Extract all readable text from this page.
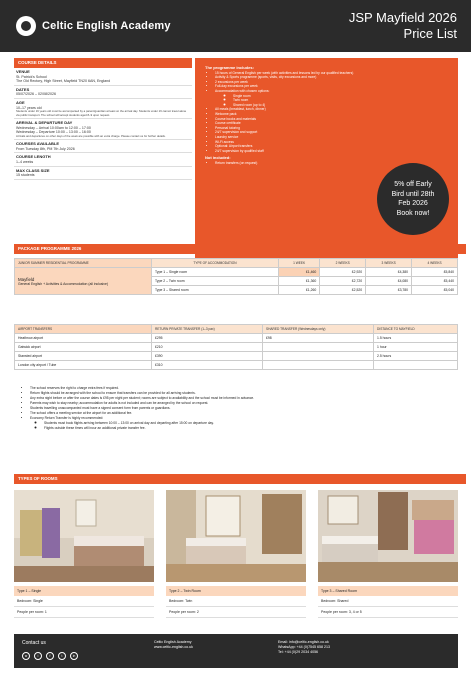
Celtic English Academy
JSP Mayfield 2026
Price List
COURSE DETAILS
VENUE
St. Patrick's School
The Old Rectory, High Street, Mayfield TN20 6AN, England
DATES
05/07/2026 – 02/08/2026
AGE
10–17 years old
Students under 16 years old must be accompanied by a parent/guardian at least on the arrival day. Students under 16 cannot travel alone via public transport. The school will accept students aged 8–9 upon request.
ARRIVAL & DEPARTURE DAY
Wednesday – Arrival 10:00am to 12:00 – 17:00
Wednesday – Departure 10:00 – 13:00 – 16:00
Arrivals and departures on other days of the week are possible with an extra charge. Please contact us for further details.
COURSES AVAILABLE
From Tuesday 8th, PM 7th July 2026
COURSE LENGTH
1–4 weeks
MAX CLASS SIZE
15 students
The programme includes:
• 15 hours of General English per week (with activities and lessons led by our qualified teachers)
• Activity & Sports programme (sports, visits, city excursions and more)
• 2 excursions per week
• Full-day excursions per week
• Accommodation with chosen options:
◦ Single room
◦ Twin room
◦ Shared room (up to 4)
• All meals (breakfast, lunch, dinner)
• Welcome pack
• Course books and materials
• Course certificate
• Personal tutoring
• 24/7 supervision and support
• Laundry service
• Wi-Fi access
• Optional: Airport transfers
• 24/7 supervision by qualified staff
Not included:
• Return transfers (on request)
5% off Early
Bird until 28th
Feb 2026
Book now!
PACKAGE PROGRAMME 2026
JUNIOR SUMMER RESIDENTIAL PROGRAMME	TYPE OF ACCOMMODATION	1 WEEK	2 WEEKS	3 WEEKS	4 WEEKS

Mayfield
General English + Activities & Accommodation (all inclusive)	Type 1 – Single room	£1,460	£2,920	£4,380	£5,840
	Type 2 – Twin room	£1,360	£2,720	£4,080	£5,440
	Type 3 – Shared room	£1,260	£2,520	£3,780	£5,040
AIRPORT TRANSFERS	RETURN PRIVATE TRANSFER (1–3 pax)	SHARED TRANSFER (Wednesdays only)	DISTANCE TO MAYFIELD
Heathrow airport	£295	£98	1.5 hours
Gatwick airport	£210		1 hour
Stansted airport	£390		2.5 hours
London city airport / Tube	£310		
• The school reserves the right to charge extra fees if required.
• Return flights should be arranged with the school to ensure that transfers can be provided for all arriving students.
• Any extra night before or after the course dates is £95 per night per student; rooms are subject to availability and the school must be informed in advance.
• Parents may wish to stay nearby; accommodation for adults is not included and can be arranged by the school on request.
• Students travelling unaccompanied must have a signed consent form from parents or guardians.
• The school offers a meeting service at the airport for an additional fee.
• Economy Return Transfer is highly recommended:
◦ Students must book flights arriving between 10:00 – 13:00 on arrival day and departing after 15:00 on departure day.
◦ Flights outside these times will incur an additional private transfer fee.
TYPES OF ROOMS
Type 1 – Single
Bedroom: Single
People per room: 1
Type 2 – Twin Room
Bedroom: Twin
People per room: 2
Type 3 – Shared Room
Bedroom: Shared
People per room: 3, 4 or 5
Contact us
w	i	f	t	in
Celtic English Academy
www.celtic-english.co.uk
Email: info@celtic-english.co.uk
WhatsApp: +44 (0)7545 658 213
Tel: +44 (0)29 2034 4056
